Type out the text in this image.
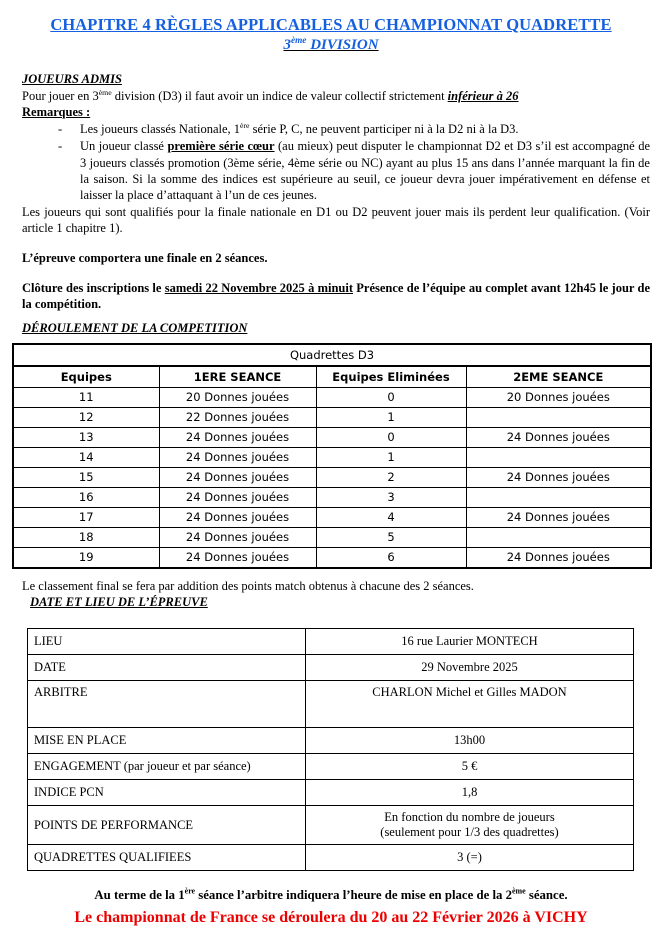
CHAPITRE 4 RÈGLES APPLICABLES AU CHAMPIONNAT QUADRETTE
3ème DIVISION
JOUEURS ADMIS

Pour jouer en 3ème division (D3) il faut avoir un indice de valeur collectif strictement inférieur à 26

Remarques :
- Les joueurs classés Nationale, 1ère série P, C, ne peuvent participer ni à la D2 ni à la D3.
- Un joueur classé première série cœur (au mieux) peut disputer le championnat D2 et D3 s’il est accompagné de 3 joueurs classés promotion (3ème série, 4ème série ou NC) ayant au plus 15 ans dans l’année marquant la fin de la saison. Si la somme des indices est supérieure au seuil, ce joueur devra jouer impérativement en défense et laisser la place d’attaquant à l’un de ces jeunes.

Les joueurs qui sont qualifiés pour la finale nationale en D1 ou D2 peuvent jouer mais ils perdent leur qualification. (Voir article 1 chapitre 1).

L’épreuve comportera une finale en 2 séances.

Clôture des inscriptions le samedi 22 Novembre 2025 à minuit Présence de l’équipe au complet avant 12h45 le jour de la compétition.

DÉROULEMENT DE LA COMPETITION
Quadrettes D3			
Equipes	1ERE SEANCE	Equipes Eliminées	2EME SEANCE
11	20 Donnes jouées	0	20 Donnes jouées
12	22 Donnes jouées	1	
13	24 Donnes jouées	0	24 Donnes jouées
14	24 Donnes jouées	1	
15	24 Donnes jouées	2	24 Donnes jouées
16	24 Donnes jouées	3	
17	24 Donnes jouées	4	24 Donnes jouées
18	24 Donnes jouées	5	
19	24 Donnes jouées	6	24 Donnes jouées

Le classement final se fera par addition des points match obtenus à chacune des 2 séances.

DATE ET LIEU DE L’ÉPREUVE
LIEU	16 rue Laurier MONTECH
DATE	29 Novembre 2025
ARBITRE	CHARLON Michel et Gilles MADON
MISE EN PLACE	13h00
ENGAGEMENT (par joueur et par séance)	5 €
INDICE PCN	1,8
POINTS DE PERFORMANCE	En fonction du nombre de joueurs
(seulement pour 1/3 des quadrettes)

QUADRETTES QUALIFIEES	3 (=)

Au terme de la 1ère séance l’arbitre indiquera l’heure de mise en place de la 2ème séance.

Le championnat de France se déroulera du 20 au 22 Février 2026 à VICHY
